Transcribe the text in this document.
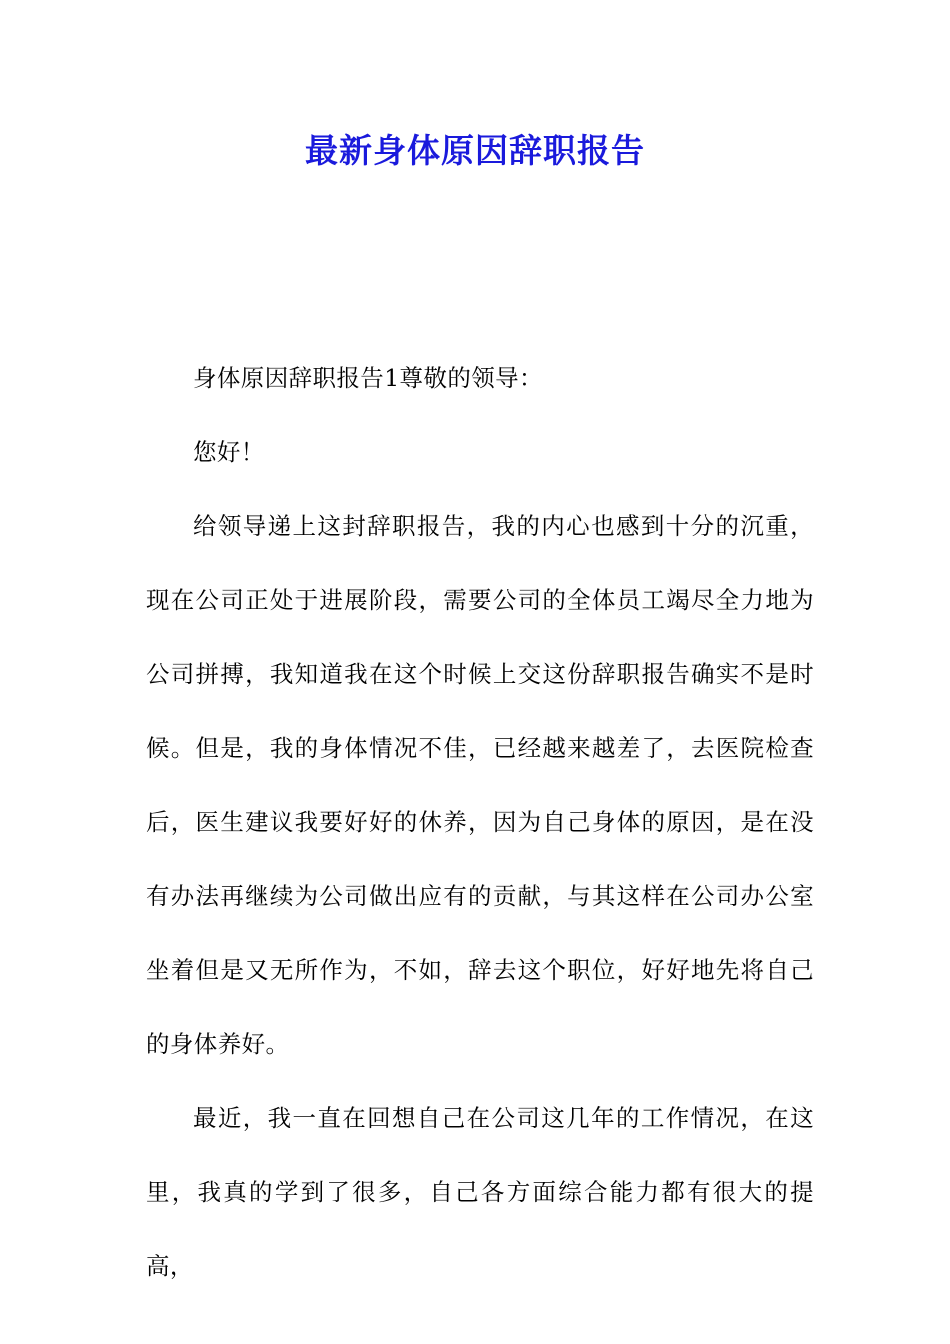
最新身体原因辞职报告

身体原因辞职报告1尊敬的领导：

您好！

给领导递上这封辞职报告，我的内心也感到十分的沉重，现在公司正处于进展阶段，需要公司的全体员工竭尽全力地为公司拼搏，我知道我在这个时候上交这份辞职报告确实不是时候。但是，我的身体情况不佳，已经越来越差了，去医院检查后，医生建议我要好好的休养，因为自己身体的原因，是在没有办法再继续为公司做出应有的贡献，与其这样在公司办公室坐着但是又无所作为，不如，辞去这个职位，好好地先将自己的身体养好。

最近，我一直在回想自己在公司这几年的工作情况，在这里，我真的学到了很多，自己各方面综合能力都有很大的提高，
